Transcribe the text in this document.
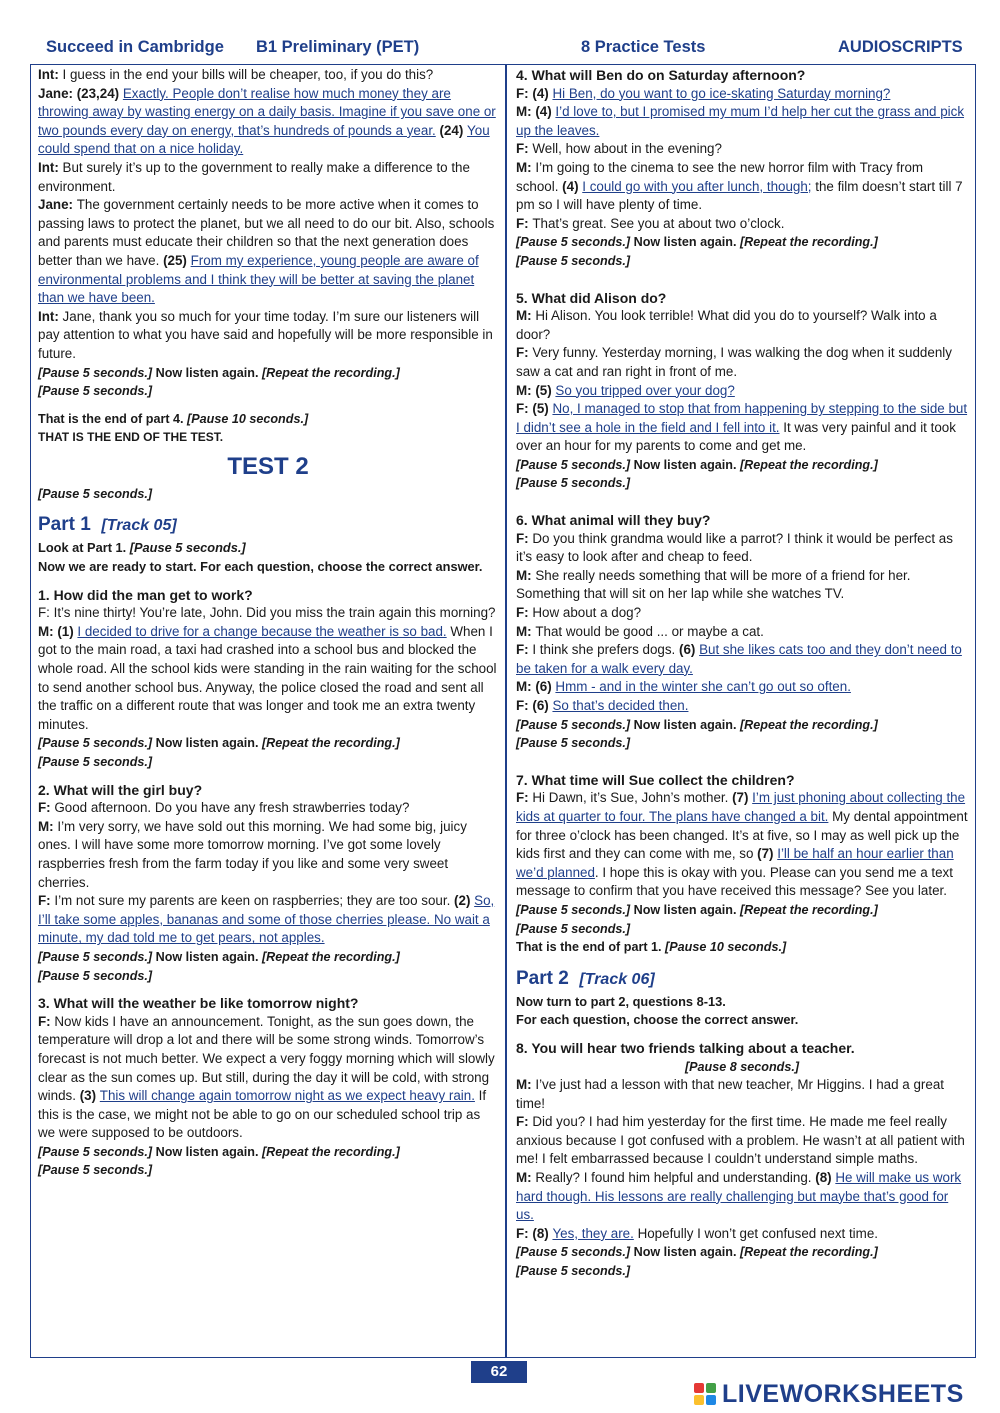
Succeed in Cambridge B1 Preliminary (PET)	8 Practice Tests	AUDIOSCRIPTS

Int: I guess in the end your bills will be cheaper, too, if you do this?

Jane: (23,24) Exactly. People don’t realise how much money they are throwing away by wasting energy on a daily basis. Imagine if you save one or two pounds every day on energy, that’s hundreds of pounds a year. (24) You could spend that on a nice holiday.

Int: But surely it’s up to the government to really make a difference to the environment.

Jane: The government certainly needs to be more active when it comes to passing laws to protect the planet, but we all need to do our bit. Also, schools and parents must educate their children so that the next generation does better than we have. (25) From my experience, young people are aware of environmental problems and I think they will be better at saving the planet than we have been.

Int: Jane, thank you so much for your time today. I’m sure our listeners will pay attention to what you have said and hopefully will be more responsible in future.

[Pause 5 seconds.] Now listen again. [Repeat the recording.]

[Pause 5 seconds.]

That is the end of part 4. [Pause 10 seconds.]

THAT IS THE END OF THE TEST.

TEST 2

[Pause 5 seconds.]

Part 1 [Track 05]

Look at Part 1. [Pause 5 seconds.]

Now we are ready to start. For each question, choose the correct answer.

1. How did the man get to work?

F: It’s nine thirty! You’re late, John. Did you miss the train again this morning?

M: (1) I decided to drive for a change because the weather is so bad. When I got to the main road, a taxi had crashed into a school bus and blocked the whole road. All the school kids were standing in the rain waiting for the school to send another school bus. Anyway, the police closed the road and sent all the traffic on a different route that was longer and took me an extra twenty minutes.

[Pause 5 seconds.] Now listen again. [Repeat the recording.]

[Pause 5 seconds.]

2. What will the girl buy?

F: Good afternoon. Do you have any fresh strawberries today?

M: I’m very sorry, we have sold out this morning. We had some big, juicy ones. I will have some more tomorrow morning. I’ve got some lovely raspberries fresh from the farm today if you like and some very sweet cherries.

F: I’m not sure my parents are keen on raspberries; they are too sour. (2) So, I’ll take some apples, bananas and some of those cherries please. No wait a minute, my dad told me to get pears, not apples.

[Pause 5 seconds.] Now listen again. [Repeat the recording.]

[Pause 5 seconds.]

3. What will the weather be like tomorrow night?

F: Now kids I have an announcement. Tonight, as the sun goes down, the temperature will drop a lot and there will be some strong winds. Tomorrow’s forecast is not much better. We expect a very foggy morning which will slowly clear as the sun comes up. But still, during the day it will be cold, with strong winds. (3) This will change again tomorrow night as we expect heavy rain. If this is the case, we might not be able to go on our scheduled school trip as we were supposed to be outdoors.

[Pause 5 seconds.] Now listen again. [Repeat the recording.]

[Pause 5 seconds.]

4. What will Ben do on Saturday afternoon?

F: (4) Hi Ben, do you want to go ice-skating Saturday morning?

M: (4) I’d love to, but I promised my mum I’d help her cut the grass and pick up the leaves.

F: Well, how about in the evening?

M: I’m going to the cinema to see the new horror film with Tracy from school. (4) I could go with you after lunch, though; the film doesn’t start till 7 pm so I will have plenty of time.

F: That’s great. See you at about two o’clock.

[Pause 5 seconds.] Now listen again. [Repeat the recording.]

[Pause 5 seconds.]

5. What did Alison do?

M: Hi Alison. You look terrible! What did you do to yourself? Walk into a door?

F: Very funny. Yesterday morning, I was walking the dog when it suddenly saw a cat and ran right in front of me.

M: (5) So you tripped over your dog?

F: (5) No, I managed to stop that from happening by stepping to the side but I didn’t see a hole in the field and I fell into it. It was very painful and it took over an hour for my parents to come and get me.

[Pause 5 seconds.] Now listen again. [Repeat the recording.]

[Pause 5 seconds.]

6. What animal will they buy?

F: Do you think grandma would like a parrot? I think it would be perfect as it’s easy to look after and cheap to feed.

M: She really needs something that will be more of a friend for her. Something that will sit on her lap while she watches TV.

F: How about a dog?

M: That would be good ... or maybe a cat.

F: I think she prefers dogs. (6) But she likes cats too and they don’t need to be taken for a walk every day.

M: (6) Hmm - and in the winter she can’t go out so often.

F: (6) So that’s decided then.

[Pause 5 seconds.] Now listen again. [Repeat the recording.]

[Pause 5 seconds.]

7. What time will Sue collect the children?

F: Hi Dawn, it’s Sue, John’s mother. (7) I’m just phoning about collecting the kids at quarter to four. The plans have changed a bit. My dental appointment for three o’clock has been changed. It’s at five, so I may as well pick up the kids first and they can come with me, so (7) I’ll be half an hour earlier than we’d planned. I hope this is okay with you. Please can you send me a text message to confirm that you have received this message? See you later.

[Pause 5 seconds.] Now listen again. [Repeat the recording.]

[Pause 5 seconds.]

That is the end of part 1. [Pause 10 seconds.]

Part 2 [Track 06]

Now turn to part 2, questions 8-13.

For each question, choose the correct answer.

8. You will hear two friends talking about a teacher.

[Pause 8 seconds.]

M: I’ve just had a lesson with that new teacher, Mr Higgins. I had a great time!

F: Did you? I had him yesterday for the first time. He made me feel really anxious because I got confused with a problem. He wasn’t at all patient with me! I felt embarrassed because I couldn’t understand simple maths.

M: Really? I found him helpful and understanding. (8) He will make us work hard though. His lessons are really challenging but maybe that’s good for us.

F: (8) Yes, they are. Hopefully I won’t get confused next time.

[Pause 5 seconds.] Now listen again. [Repeat the recording.]

[Pause 5 seconds.]

62
LIVEWORKSHEETS
